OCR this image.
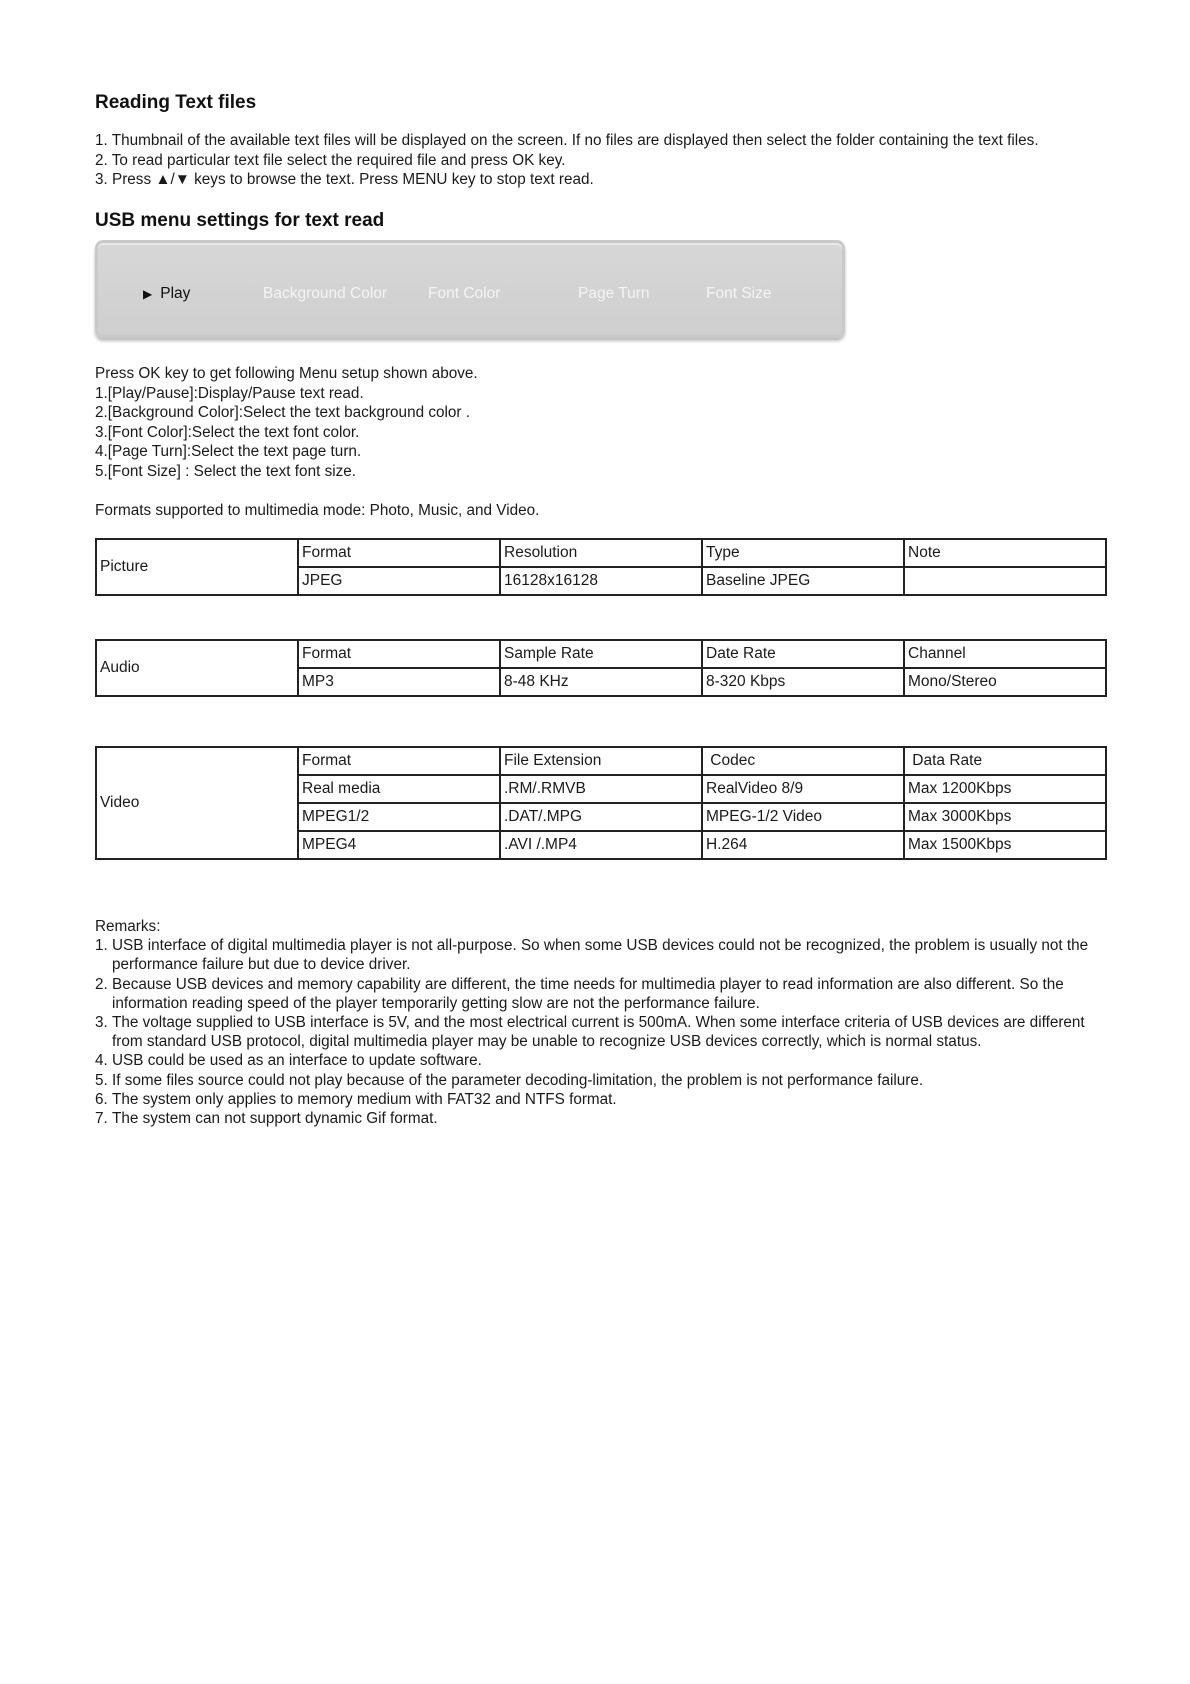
Reading Text files
1. Thumbnail of the available text files will be displayed on the screen. If no files are displayed then select the folder containing the text files.
2. To read particular text file select the required file and press OK key.
3. Press ▲/▼ keys to browse the text. Press MENU key to stop text read.
USB menu settings for text read
▶ Play	Background Color	Font Color	Page Turn	Font Size
Press OK key to get following Menu setup shown above.
1.[Play/Pause]:Display/Pause text read.
2.[Background Color]:Select the text background color .
3.[Font Color]:Select the text font color.
4.[Page Turn]:Select the text page turn.
5.[Font Size] : Select the text font size.
Formats supported to multimedia mode: Photo, Music, and Video.
Picture	Format	Resolution	Type	Note
	JPEG	16128x16128	Baseline JPEG	
Audio	Format	Sample Rate	Date Rate	Channel
	MP3	8-48 KHz	8-320 Kbps	Mono/Stereo
Video	Format	File Extension	Codec	Data Rate
	Real media	.RM/.RMVB	RealVideo 8/9	Max 1200Kbps
	MPEG1/2	.DAT/.MPG	MPEG-1/2 Video	Max 3000Kbps
	MPEG4	.AVI /.MP4	H.264	Max 1500Kbps
Remarks:
1. USB interface of digital multimedia player is not all-purpose. So when some USB devices could not be recognized, the problem is usually not the performance failure but due to device driver.
2. Because USB devices and memory capability are different, the time needs for multimedia player to read information are also different. So the information reading speed of the player temporarily getting slow are not the performance failure.
3. The voltage supplied to USB interface is 5V, and the most electrical current is 500mA. When some interface criteria of USB devices are different from standard USB protocol, digital multimedia player may be unable to recognize USB devices correctly, which is normal status.
4. USB could be used as an interface to update software.
5. If some files source could not play because of the parameter decoding-limitation, the problem is not performance failure.
6. The system only applies to memory medium with FAT32 and NTFS format.
7. The system can not support dynamic Gif format.
